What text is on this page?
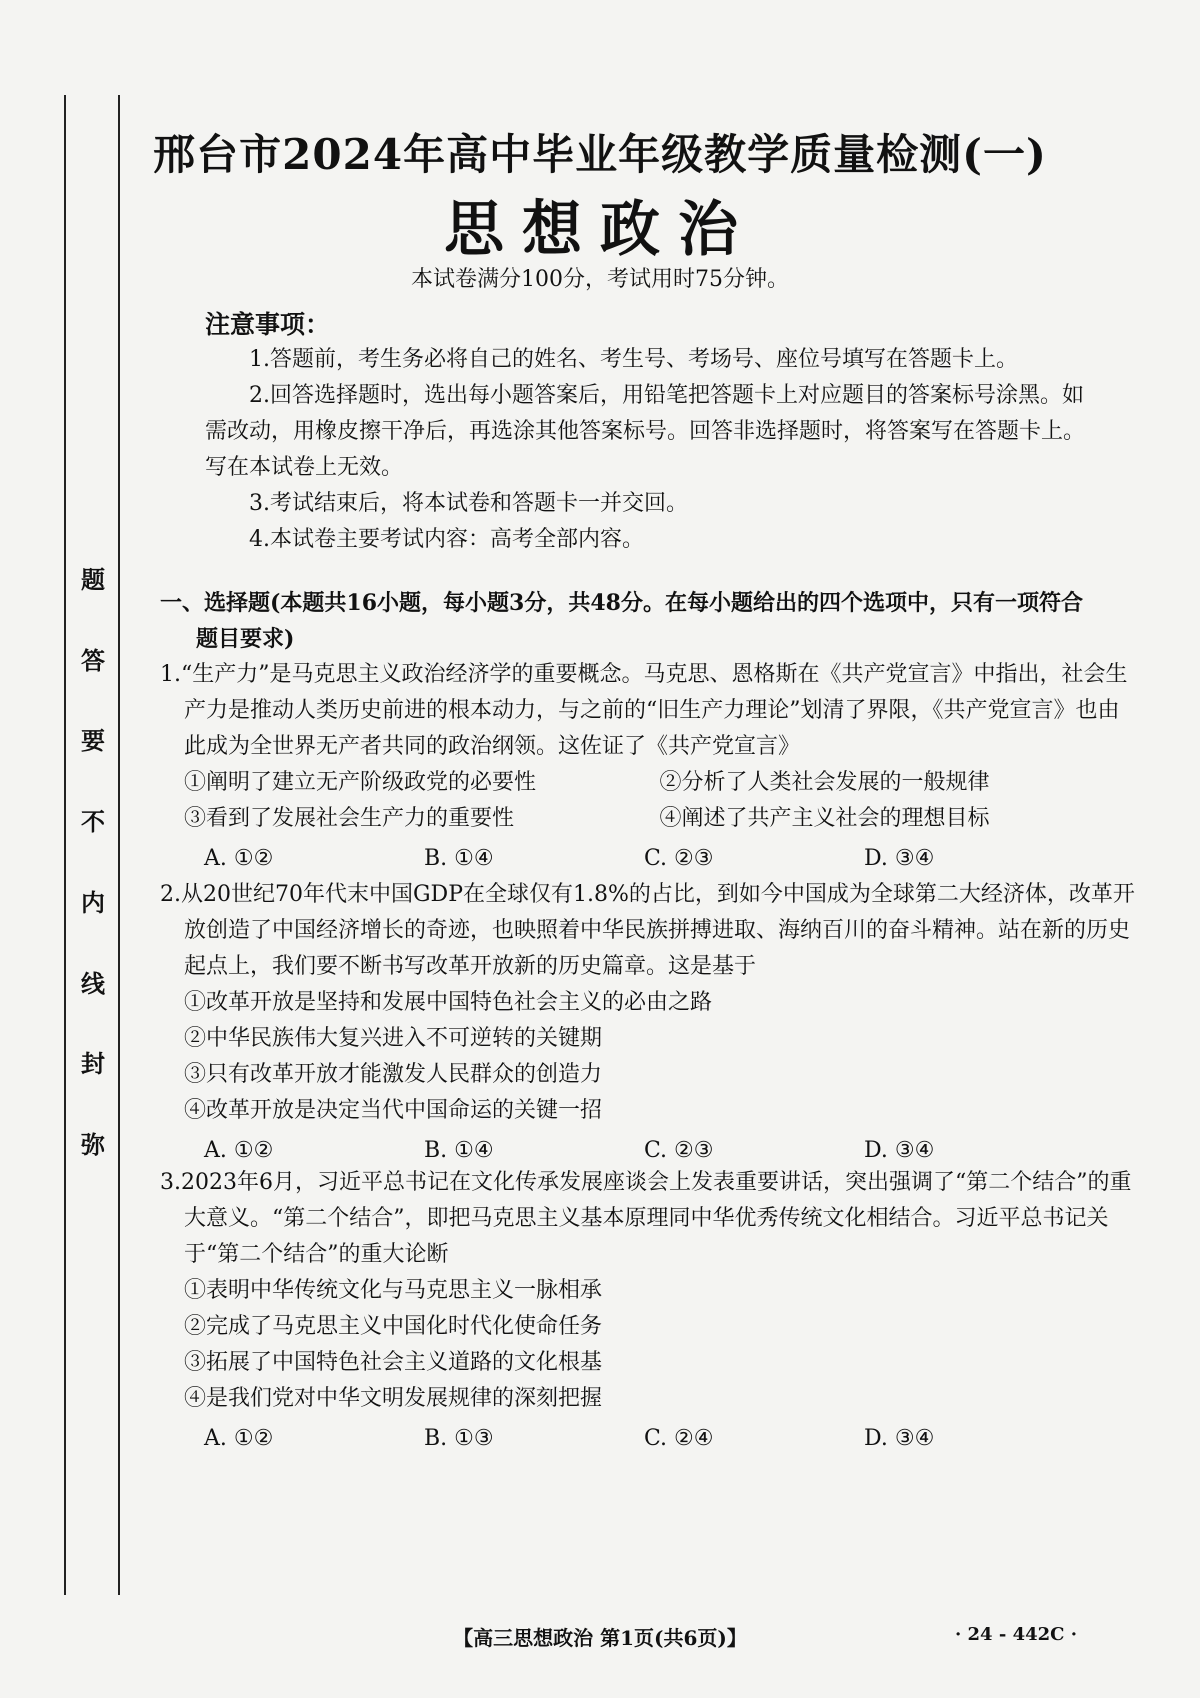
题
答
要
不
内
线
封
弥
邢台市2024年高中毕业年级教学质量检测(一)
思想政治
本试卷满分100分，考试用时75分钟。
注意事项：

1.答题前，考生务必将自己的姓名、考生号、考场号、座位号填写在答题卡上。

2.回答选择题时，选出每小题答案后，用铅笔把答题卡上对应题目的答案标号涂黑。如需改动，用橡皮擦干净后，再选涂其他答案标号。回答非选择题时，将答案写在答题卡上。写在本试卷上无效。

3.考试结束后，将本试卷和答题卡一并交回。

4.本试卷主要考试内容：高考全部内容。

一、选择题(本题共16小题，每小题3分，共48分。在每小题给出的四个选项中，只有一项符合
题目要求)

1.“生产力”是马克思主义政治经济学的重要概念。马克思、恩格斯在《共产党宣言》中指出，社会生产力是推动人类历史前进的根本动力，与之前的“旧生产力理论”划清了界限，《共产党宣言》也由此成为全世界无产者共同的政治纲领。这佐证了《共产党宣言》

①阐明了建立无产阶级政党的必要性	②分析了人类社会发展的一般规律
③看到了发展社会生产力的重要性	④阐述了共产主义社会的理想目标
A. ①②	B. ①④	C. ②③	D. ③④

2.从20世纪70年代末中国GDP在全球仅有1.8%的占比，到如今中国成为全球第二大经济体，改革开放创造了中国经济增长的奇迹，也映照着中华民族拼搏进取、海纳百川的奋斗精神。站在新的历史起点上，我们要不断书写改革开放新的历史篇章。这是基于

①改革开放是坚持和发展中国特色社会主义的必由之路

②中华民族伟大复兴进入不可逆转的关键期

③只有改革开放才能激发人民群众的创造力

④改革开放是决定当代中国命运的关键一招

A. ①②	B. ①④	C. ②③	D. ③④

3.2023年6月，习近平总书记在文化传承发展座谈会上发表重要讲话，突出强调了“第二个结合”的重大意义。“第二个结合”，即把马克思主义基本原理同中华优秀传统文化相结合。习近平总书记关于“第二个结合”的重大论断

①表明中华传统文化与马克思主义一脉相承

②完成了马克思主义中国化时代化使命任务

③拓展了中国特色社会主义道路的文化根基

④是我们党对中华文明发展规律的深刻把握

A. ①②	B. ①③	C. ②④	D. ③④
【高三思想政治 第1页(共6页)】	· 24 - 442C ·
